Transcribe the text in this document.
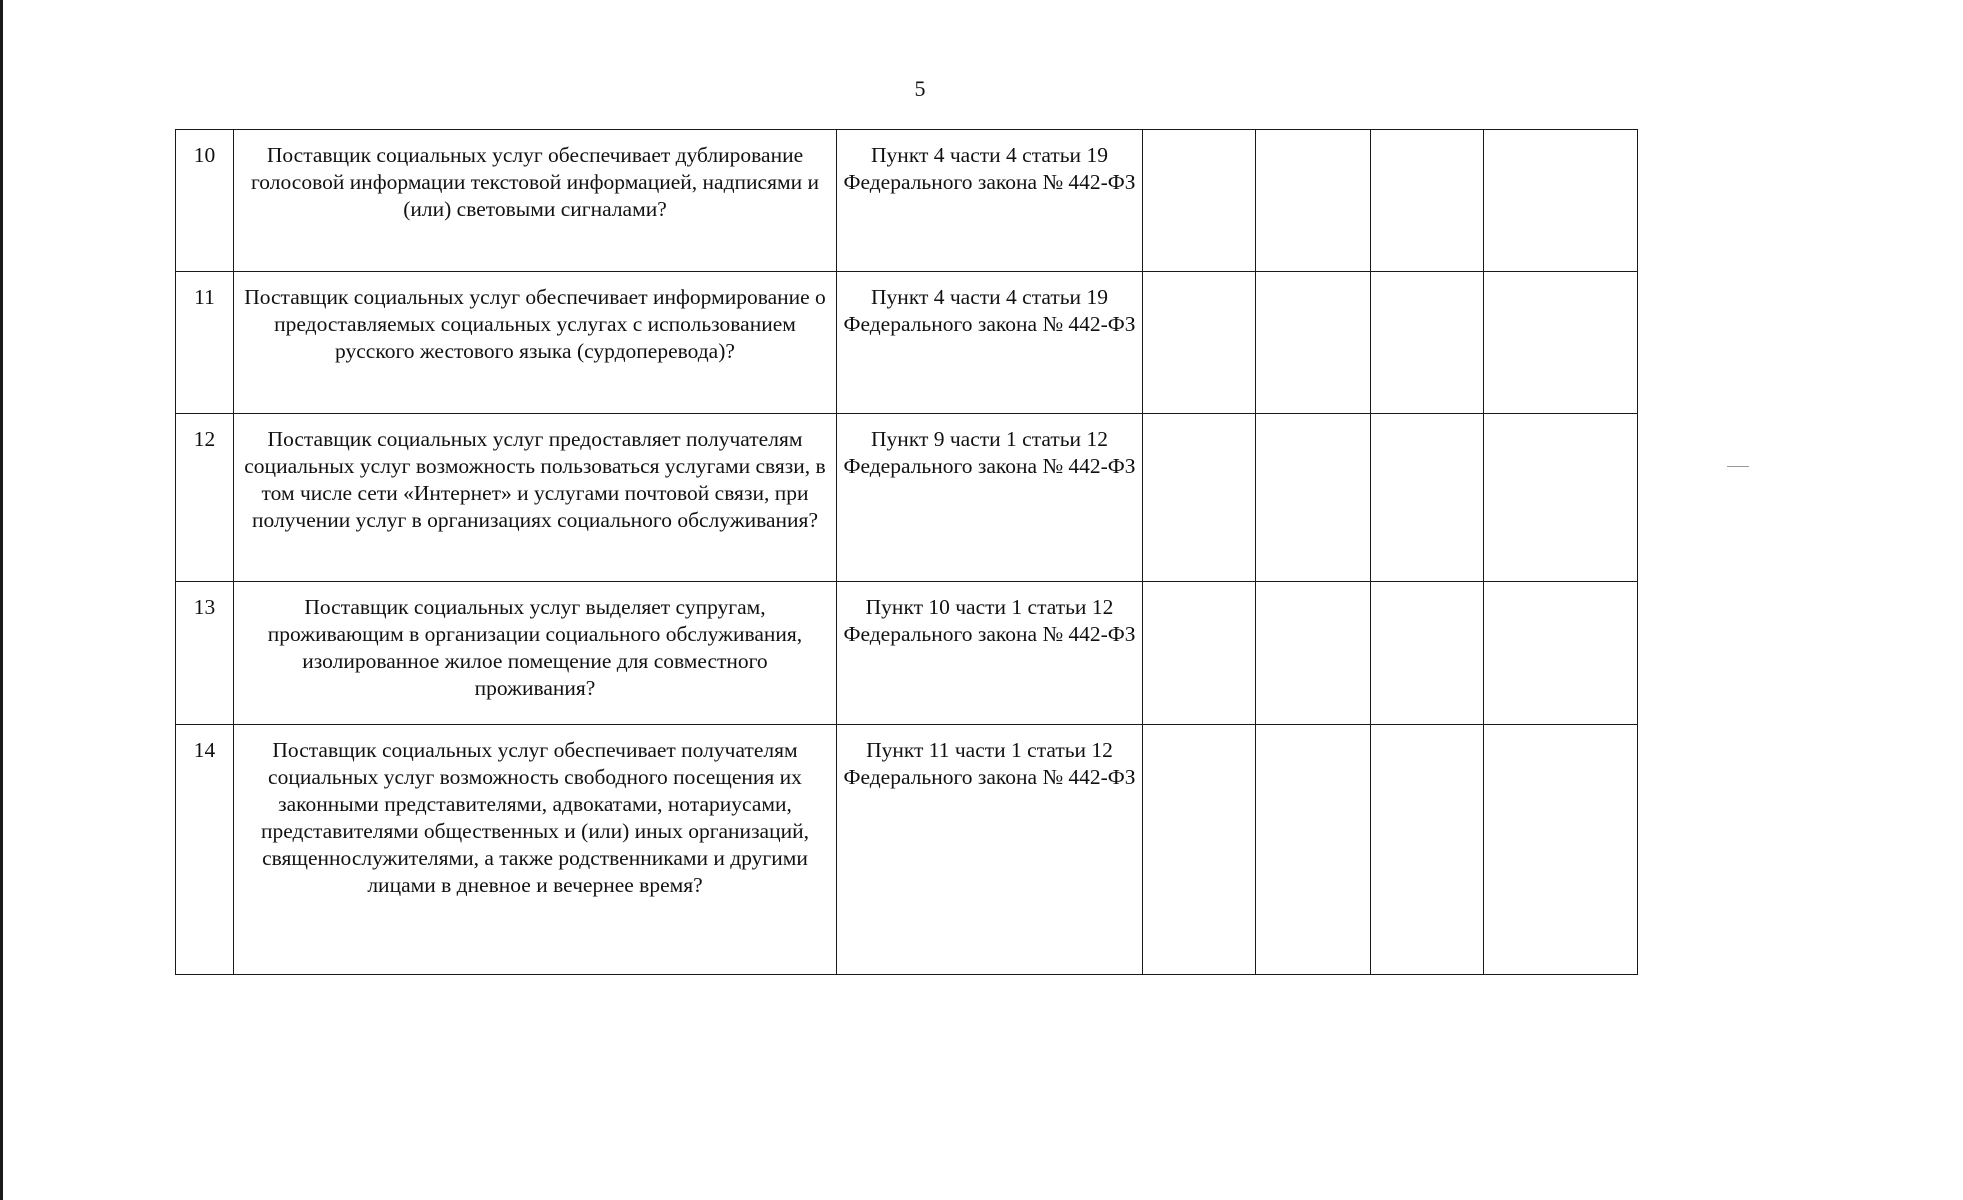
5
10	Поставщик социальных услуг обеспечивает дублирование голосовой информации текстовой информацией, надписями и (или) световыми сигналами?	Пункт 4 части 4 статьи 19 Федерального закона № 442-ФЗ				
11	Поставщик социальных услуг обеспечивает информирование о предоставляемых социальных услугах с использованием русского жестового языка (сурдоперевода)?	Пункт 4 части 4 статьи 19 Федерального закона № 442-ФЗ				
12	Поставщик социальных услуг предоставляет получателям социальных услуг возможность пользоваться услугами связи, в том числе сети «Интернет» и услугами почтовой связи, при получении услуг в организациях социального обслуживания?	Пункт 9 части 1 статьи 12 Федерального закона № 442-ФЗ				
13	Поставщик социальных услуг выделяет супругам, проживающим в организации социального обслуживания, изолированное жилое помещение для совместного проживания?	Пункт 10 части 1 статьи 12 Федерального закона № 442-ФЗ				
14	Поставщик социальных услуг обеспечивает получателям социальных услуг возможность свободного посещения их законными представителями, адвокатами, нотариусами, представителями общественных и (или) иных организаций, священнослужителями, а также родственниками и другими лицами в дневное и вечернее время?	Пункт 11 части 1 статьи 12 Федерального закона № 442-ФЗ				
